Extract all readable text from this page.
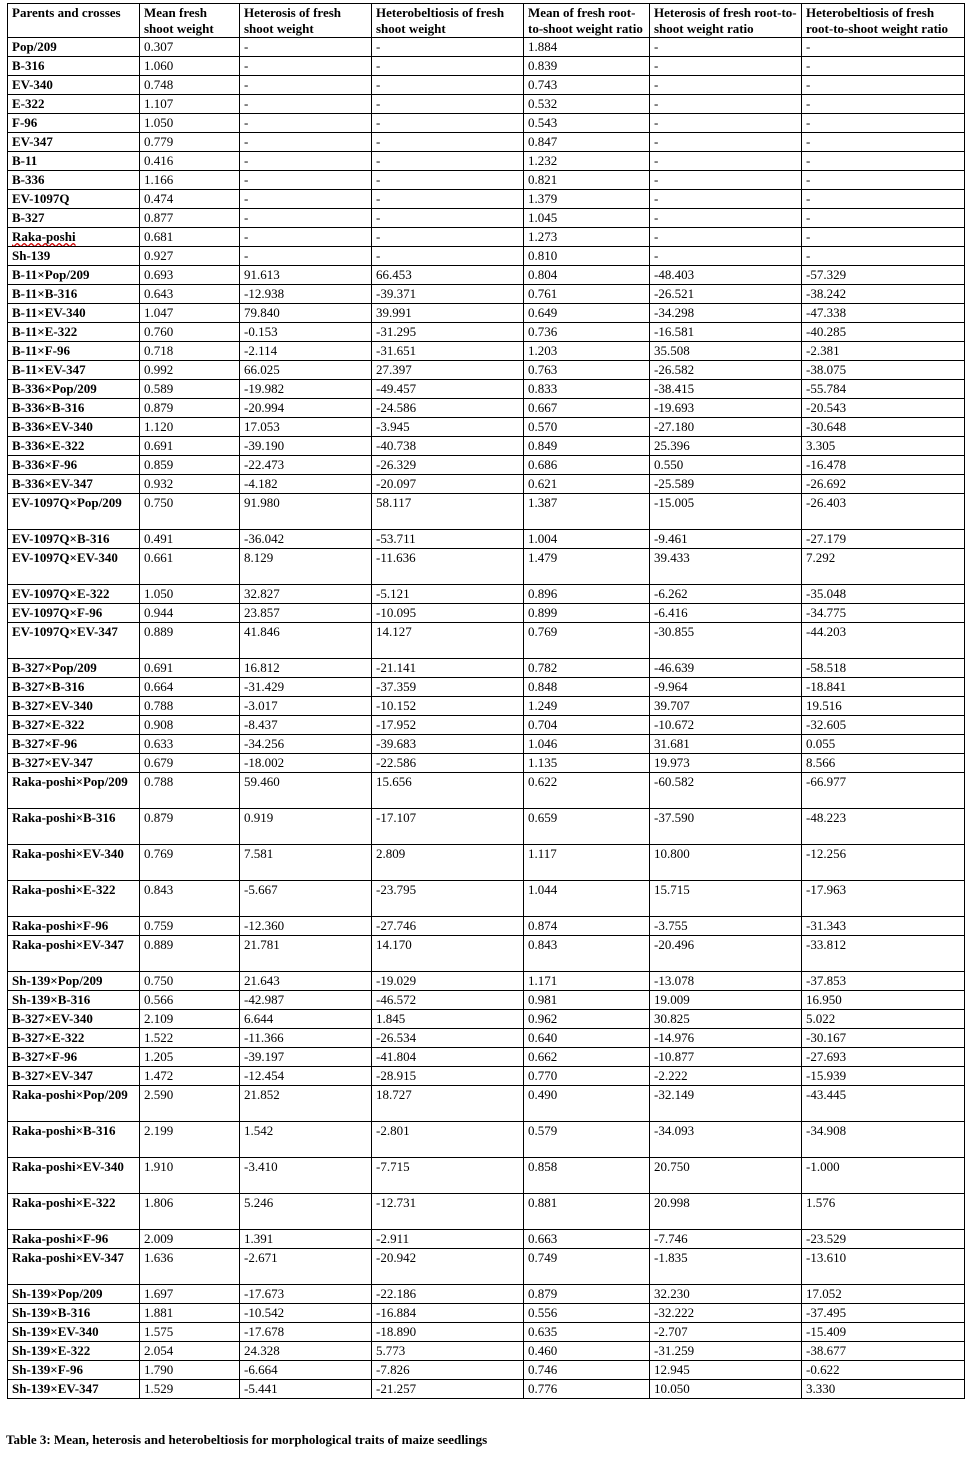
Parents and crosses	Mean fresh shoot weight	Heterosis of fresh shoot weight	Heterobeltiosis of fresh shoot weight	Mean of fresh root-to-shoot weight ratio	Heterosis of fresh root-to-shoot weight ratio	Heterobeltiosis of fresh root-to-shoot weight ratio
Pop/209	0.307	-	-	1.884	-	-
B-316	1.060	-	-	0.839	-	-
EV-340	0.748	-	-	0.743	-	-
E-322	1.107	-	-	0.532	-	-
F-96	1.050	-	-	0.543	-	-
EV-347	0.779	-	-	0.847	-	-
B-11	0.416	-	-	1.232	-	-
B-336	1.166	-	-	0.821	-	-
EV-1097Q	0.474	-	-	1.379	-	-
B-327	0.877	-	-	1.045	-	-
Raka-poshi	0.681	-	-	1.273	-	-
Sh-139	0.927	-	-	0.810	-	-
B-11×Pop/209	0.693	91.613	66.453	0.804	-48.403	-57.329
B-11×B-316	0.643	-12.938	-39.371	0.761	-26.521	-38.242
B-11×EV-340	1.047	79.840	39.991	0.649	-34.298	-47.338
B-11×E-322	0.760	-0.153	-31.295	0.736	-16.581	-40.285
B-11×F-96	0.718	-2.114	-31.651	1.203	35.508	-2.381
B-11×EV-347	0.992	66.025	27.397	0.763	-26.582	-38.075
B-336×Pop/209	0.589	-19.982	-49.457	0.833	-38.415	-55.784
B-336×B-316	0.879	-20.994	-24.586	0.667	-19.693	-20.543
B-336×EV-340	1.120	17.053	-3.945	0.570	-27.180	-30.648
B-336×E-322	0.691	-39.190	-40.738	0.849	25.396	3.305
B-336×F-96	0.859	-22.473	-26.329	0.686	0.550	-16.478
B-336×EV-347	0.932	-4.182	-20.097	0.621	-25.589	-26.692
EV-1097Q×Pop/209	0.750	91.980	58.117	1.387	-15.005	-26.403
EV-1097Q×B-316	0.491	-36.042	-53.711	1.004	-9.461	-27.179
EV-1097Q×EV-340	0.661	8.129	-11.636	1.479	39.433	7.292
EV-1097Q×E-322	1.050	32.827	-5.121	0.896	-6.262	-35.048
EV-1097Q×F-96	0.944	23.857	-10.095	0.899	-6.416	-34.775
EV-1097Q×EV-347	0.889	41.846	14.127	0.769	-30.855	-44.203
B-327×Pop/209	0.691	16.812	-21.141	0.782	-46.639	-58.518
B-327×B-316	0.664	-31.429	-37.359	0.848	-9.964	-18.841
B-327×EV-340	0.788	-3.017	-10.152	1.249	39.707	19.516
B-327×E-322	0.908	-8.437	-17.952	0.704	-10.672	-32.605
B-327×F-96	0.633	-34.256	-39.683	1.046	31.681	0.055
B-327×EV-347	0.679	-18.002	-22.586	1.135	19.973	8.566
Raka-poshi×Pop/209	0.788	59.460	15.656	0.622	-60.582	-66.977
Raka-poshi×B-316	0.879	0.919	-17.107	0.659	-37.590	-48.223
Raka-poshi×EV-340	0.769	7.581	2.809	1.117	10.800	-12.256
Raka-poshi×E-322	0.843	-5.667	-23.795	1.044	15.715	-17.963
Raka-poshi×F-96	0.759	-12.360	-27.746	0.874	-3.755	-31.343
Raka-poshi×EV-347	0.889	21.781	14.170	0.843	-20.496	-33.812
Sh-139×Pop/209	0.750	21.643	-19.029	1.171	-13.078	-37.853
Sh-139×B-316	0.566	-42.987	-46.572	0.981	19.009	16.950
B-327×EV-340	2.109	6.644	1.845	0.962	30.825	5.022
B-327×E-322	1.522	-11.366	-26.534	0.640	-14.976	-30.167
B-327×F-96	1.205	-39.197	-41.804	0.662	-10.877	-27.693
B-327×EV-347	1.472	-12.454	-28.915	0.770	-2.222	-15.939
Raka-poshi×Pop/209	2.590	21.852	18.727	0.490	-32.149	-43.445
Raka-poshi×B-316	2.199	1.542	-2.801	0.579	-34.093	-34.908
Raka-poshi×EV-340	1.910	-3.410	-7.715	0.858	20.750	-1.000
Raka-poshi×E-322	1.806	5.246	-12.731	0.881	20.998	1.576
Raka-poshi×F-96	2.009	1.391	-2.911	0.663	-7.746	-23.529
Raka-poshi×EV-347	1.636	-2.671	-20.942	0.749	-1.835	-13.610
Sh-139×Pop/209	1.697	-17.673	-22.186	0.879	32.230	17.052
Sh-139×B-316	1.881	-10.542	-16.884	0.556	-32.222	-37.495
Sh-139×EV-340	1.575	-17.678	-18.890	0.635	-2.707	-15.409
Sh-139×E-322	2.054	24.328	5.773	0.460	-31.259	-38.677
Sh-139×F-96	1.790	-6.664	-7.826	0.746	12.945	-0.622
Sh-139×EV-347	1.529	-5.441	-21.257	0.776	10.050	3.330
Table 3: Mean, heterosis and heterobeltiosis for morphological traits of maize seedlings
